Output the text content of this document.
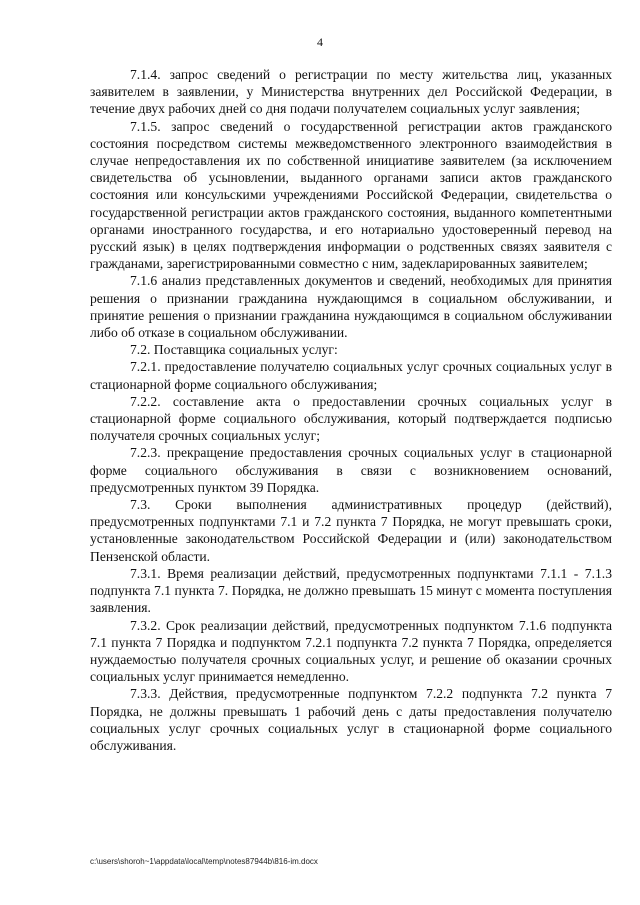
4

7.1.4. запрос сведений о регистрации по месту жительства лиц, указанных заявителем в заявлении, у Министерства внутренних дел Российской Федерации, в течение двух рабочих дней со дня подачи получателем социальных услуг заявления;

7.1.5. запрос сведений о государственной регистрации актов гражданского состояния посредством системы межведомственного электронного взаимодействия в случае непредоставления их по собственной инициативе заявителем (за исключением свидетельства об усыновлении, выданного органами записи актов гражданского состояния или консульскими учреждениями Российской Федерации, свидетельства о государственной регистрации актов гражданского состояния, выданного компетентными органами иностранного государства, и его нотариально удостоверенный перевод на русский язык) в целях подтверждения информации о родственных связях заявителя с гражданами, зарегистрированными совместно с ним, задекларированных заявителем;

7.1.6 анализ представленных документов и сведений, необходимых для принятия решения о признании гражданина нуждающимся в социальном обслуживании, и принятие решения о признании гражданина нуждающимся в социальном обслуживании либо об отказе в социальном обслуживании.

7.2. Поставщика социальных услуг:

7.2.1. предоставление получателю социальных услуг срочных социальных услуг в стационарной форме социального обслуживания;

7.2.2. составление акта о предоставлении срочных социальных услуг в стационарной форме социального обслуживания, который подтверждается подписью получателя срочных социальных услуг;

7.2.3. прекращение предоставления срочных социальных услуг в стационарной форме социального обслуживания в связи с возникновением оснований, предусмотренных пунктом 39 Порядка.

7.3. Сроки выполнения административных процедур (действий), предусмотренных подпунктами 7.1 и 7.2 пункта 7 Порядка, не могут превышать сроки, установленные законодательством Российской Федерации и (или) законодательством Пензенской области.

7.3.1. Время реализации действий, предусмотренных подпунктами 7.1.1 - 7.1.3 подпункта 7.1 пункта 7. Порядка, не должно превышать 15 минут с момента поступления заявления.

7.3.2. Срок реализации действий, предусмотренных подпунктом 7.1.6 подпункта 7.1 пункта 7 Порядка и подпунктом 7.2.1 подпункта 7.2 пункта 7 Порядка, определяется нуждаемостью получателя срочных социальных услуг, и решение об оказании срочных социальных услуг принимается немедленно.

7.3.3. Действия, предусмотренные подпунктом 7.2.2 подпункта 7.2 пункта 7 Порядка, не должны превышать 1 рабочий день с даты предоставления получателю социальных услуг срочных социальных услуг в стационарной форме социального обслуживания.

c:\users\shoroh~1\appdata\local\temp\notes87944b\816-im.docx
